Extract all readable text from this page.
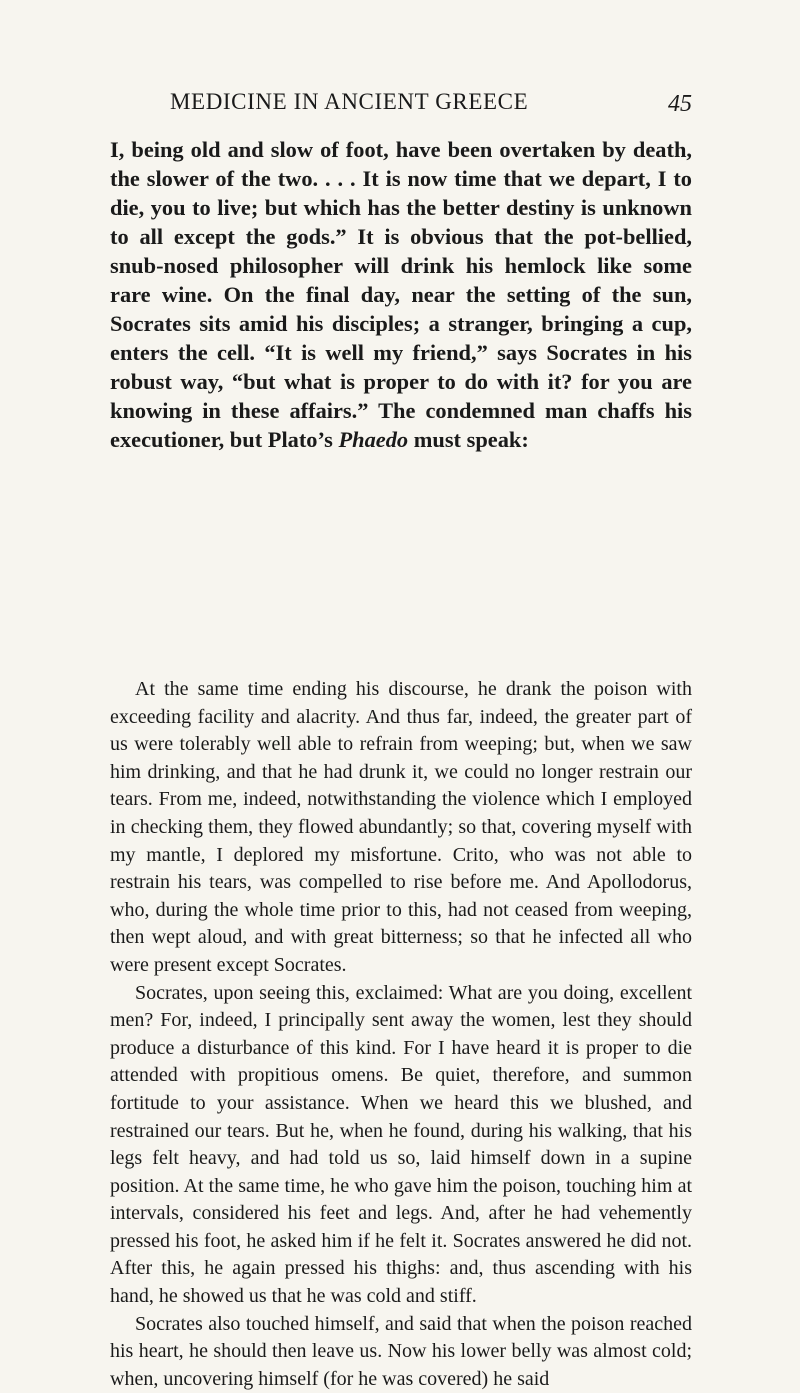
MEDICINE IN ANCIENT GREECE	45

I, being old and slow of foot, have been overtaken by death, the slower of the two. . . . It is now time that we depart, I to die, you to live; but which has the better destiny is unknown to all except the gods.” It is obvious that the pot-bellied, snub-nosed philosopher will drink his hemlock like some rare wine. On the final day, near the setting of the sun, Socrates sits amid his disciples; a stranger, bringing a cup, enters the cell. “It is well my friend,” says Socrates in his robust way, “but what is proper to do with it? for you are knowing in these affairs.” The condemned man chaffs his executioner, but Plato’s Phaedo must speak:

At the same time ending his discourse, he drank the poison with exceeding facility and alacrity. And thus far, indeed, the greater part of us were tolerably well able to refrain from weeping; but, when we saw him drinking, and that he had drunk it, we could no longer restrain our tears. From me, indeed, notwithstanding the violence which I employed in checking them, they flowed abundantly; so that, covering myself with my mantle, I deplored my misfortune. Crito, who was not able to restrain his tears, was compelled to rise before me. And Apollodorus, who, during the whole time prior to this, had not ceased from weeping, then wept aloud, and with great bitterness; so that he infected all who were present except Socrates.

Socrates, upon seeing this, exclaimed: What are you doing, excellent men? For, indeed, I principally sent away the women, lest they should produce a disturbance of this kind. For I have heard it is proper to die attended with propitious omens. Be quiet, therefore, and summon fortitude to your assistance. When we heard this we blushed, and restrained our tears. But he, when he found, during his walking, that his legs felt heavy, and had told us so, laid himself down in a supine position. At the same time, he who gave him the poison, touching him at intervals, considered his feet and legs. And, after he had vehemently pressed his foot, he asked him if he felt it. Socrates answered he did not. After this, he again pressed his thighs: and, thus ascending with his hand, he showed us that he was cold and stiff.

Socrates also touched himself, and said that when the poison reached his heart, he should then leave us. Now his lower belly was almost cold; when, uncovering himself (for he was covered) he said
